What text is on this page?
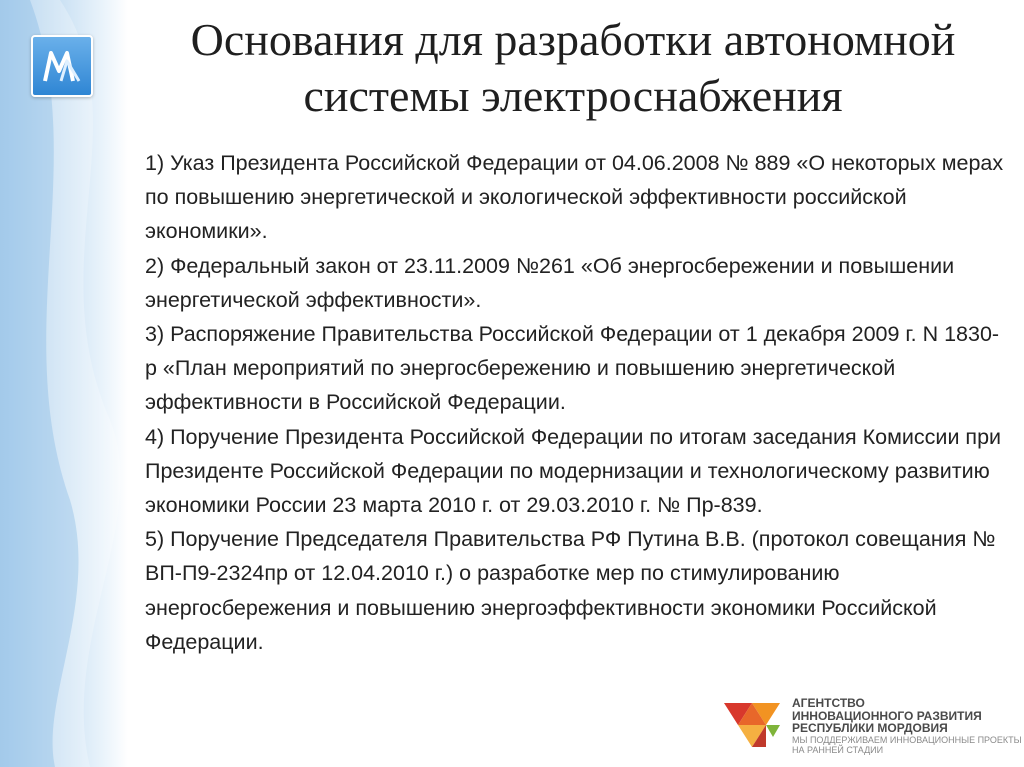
Основания для разработки автономной системы электроснабжения

1) Указ Президента Российской Федерации от 04.06.2008 № 889 «О некоторых мерах по повышению энергетической и экологической эффективности российской экономики».

2) Федеральный закон от 23.11.2009 №261 «Об энергосбережении и повышении энергетической эффективности».

3) Распоряжение Правительства Российской Федерации от 1 декабря 2009 г. N 1830-р «План мероприятий по энергосбережению и повышению энергетической эффективности в Российской Федерации.

4) Поручение Президента Российской Федерации по итогам заседания Комиссии при Президенте Российской Федерации по модернизации и технологическому развитию экономики России 23 марта 2010 г. от 29.03.2010 г. № Пр-839.

5) Поручение Председателя Правительства РФ Путина В.В. (протокол совещания № ВП-П9-2324пр от 12.04.2010 г.) о разработке мер по стимулированию энергосбережения и повышению энергоэффективности экономики Российской Федерации.

АГЕНТСТВО
ИННОВАЦИОННОГО РАЗВИТИЯ
РЕСПУБЛИКИ МОРДОВИЯ
МЫ ПОДДЕРЖИВАЕМ ИННОВАЦИОННЫЕ ПРОЕКТЫ
НА РАННЕЙ СТАДИИ
